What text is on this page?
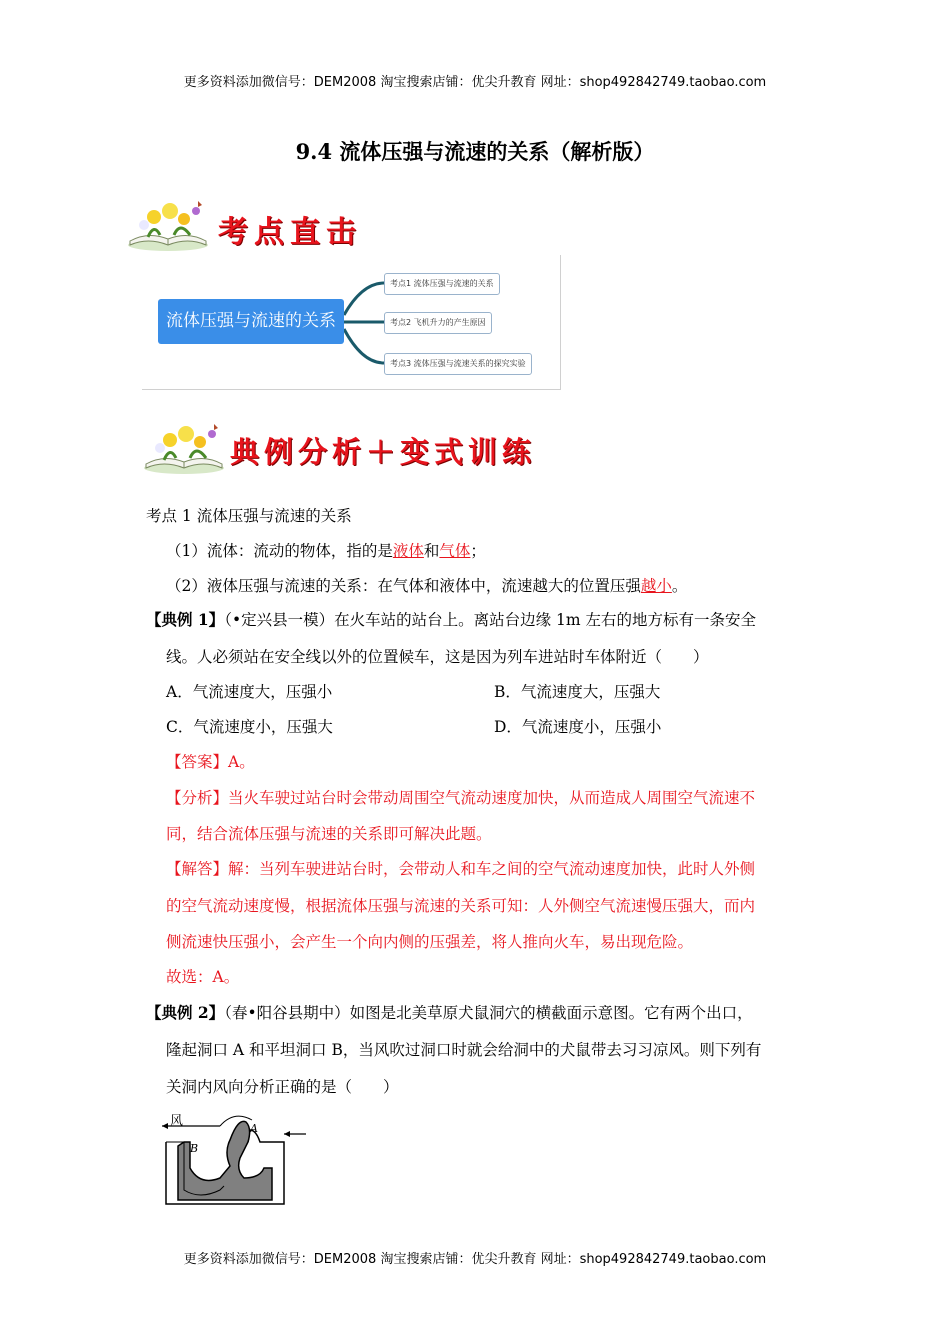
更多资料添加微信号：DEM2008 淘宝搜索店铺：优尖升教育 网址：shop492842749.taobao.com
9.4 流体压强与流速的关系（解析版）
考点直击
流体压强与流速的关系
考点1 流体压强与流速的关系
考点2 飞机升力的产生原因
考点3 流体压强与流速关系的探究实验
典例分析＋变式训练
考点 1 流体压强与流速的关系
（1）流体：流动的物体，指的是液体和气体；
（2）液体压强与流速的关系：在气体和液体中，流速越大的位置压强越小。
【典例 1】（•定兴县一模）在火车站的站台上。离站台边缘 1m 左右的地方标有一条安全
线。人必须站在安全线以外的位置候车，这是因为列车进站时车体附近（　　）
A．气流速度大，压强小	B．气流速度大，压强大
C．气流速度小，压强大	D．气流速度小，压强小
【答案】A。
【分析】当火车驶过站台时会带动周围空气流动速度加快，从而造成人周围空气流速不
同，结合流体压强与流速的关系即可解决此题。
【解答】解：当列车驶进站台时，会带动人和车之间的空气流动速度加快，此时人外侧
的空气流动速度慢，根据流体压强与流速的关系可知：人外侧空气流速慢压强大，而内
侧流速快压强小，会产生一个向内侧的压强差，将人推向火车，易出现危险。
故选：A。
【典例 2】（春•阳谷县期中）如图是北美草原犬鼠洞穴的横截面示意图。它有两个出口，
隆起洞口 A 和平坦洞口 B，当风吹过洞口时就会给洞中的犬鼠带去习习凉风。则下列有
关洞内风向分析正确的是（　　）
风	A
B
更多资料添加微信号：DEM2008 淘宝搜索店铺：优尖升教育 网址：shop492842749.taobao.com
